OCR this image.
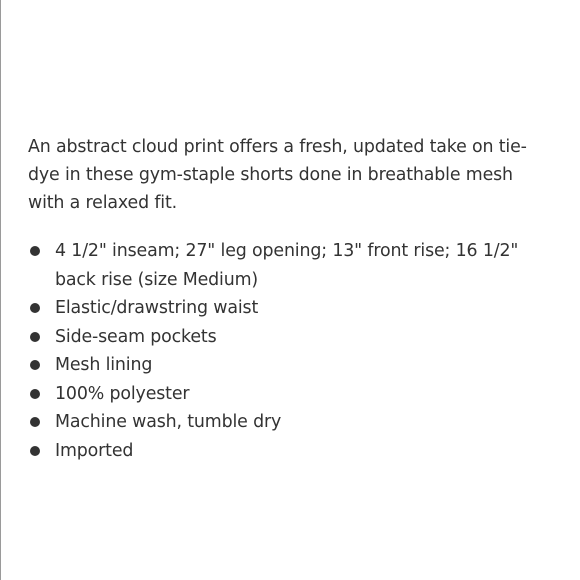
An abstract cloud print offers a fresh, updated take on tie-dye in these gym-staple shorts done in breathable mesh with a relaxed fit.

4 1/2" inseam; 27" leg opening; 13" front rise; 16 1/2" back rise (size Medium)
Elastic/drawstring waist
Side-seam pockets
Mesh lining
100% polyester
Machine wash, tumble dry
Imported
